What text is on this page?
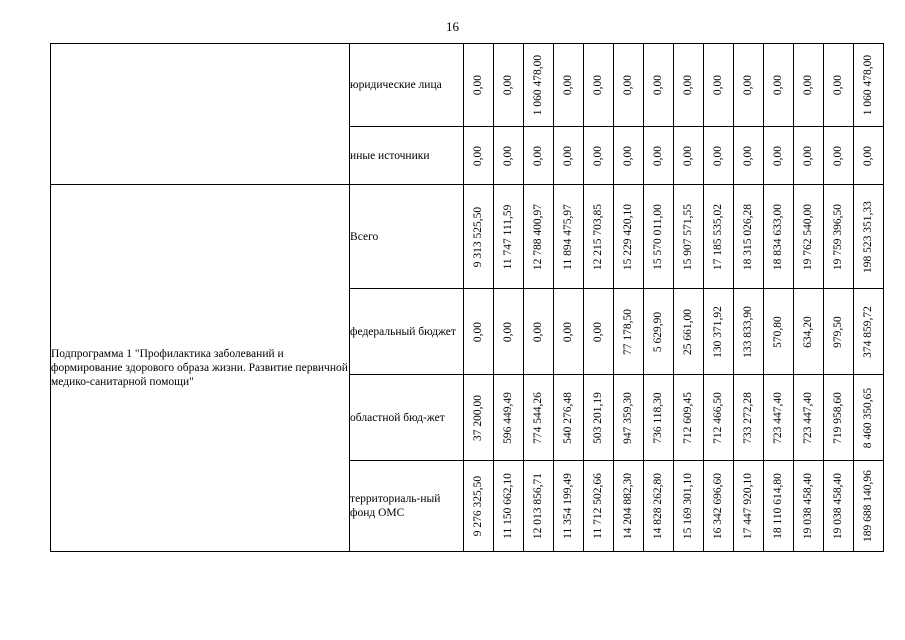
16
	юридические лица	0,00	0,00	1 060 478,00	0,00	0,00	0,00	0,00	0,00	0,00	0,00	0,00	0,00	0,00	1 060 478,00

	иные источники	0,00	0,00	0,00	0,00	0,00	0,00	0,00	0,00	0,00	0,00	0,00	0,00	0,00	0,00

Подпрограмма 1 "Профилактика заболеваний и формирование здорового образа жизни. Развитие первичной медико-санитарной помощи"	Всего	9 313 525,50	11 747 111,59	12 788 400,97	11 894 475,97	12 215 703,85	15 229 420,10	15 570 011,00	15 907 571,55	17 185 535,02	18 315 026,28	18 834 633,00	19 762 540,00	19 759 396,50	198 523 351,33

	федеральный бюджет	0,00	0,00	0,00	0,00	0,00	77 178,50	5 629,90	25 661,00	130 371,92	133 833,90	570,80	634,20	979,50	374 859,72

	областной бюд-жет	37 200,00	596 449,49	774 544,26	540 276,48	503 201,19	947 359,30	736 118,30	712 609,45	712 466,50	733 272,28	723 447,40	723 447,40	719 958,60	8 460 350,65

	территориаль-ный фонд ОМС	9 276 325,50	11 150 662,10	12 013 856,71	11 354 199,49	11 712 502,66	14 204 882,30	14 828 262,80	15 169 301,10	16 342 696,60	17 447 920,10	18 110 614,80	19 038 458,40	19 038 458,40	189 688 140,96
